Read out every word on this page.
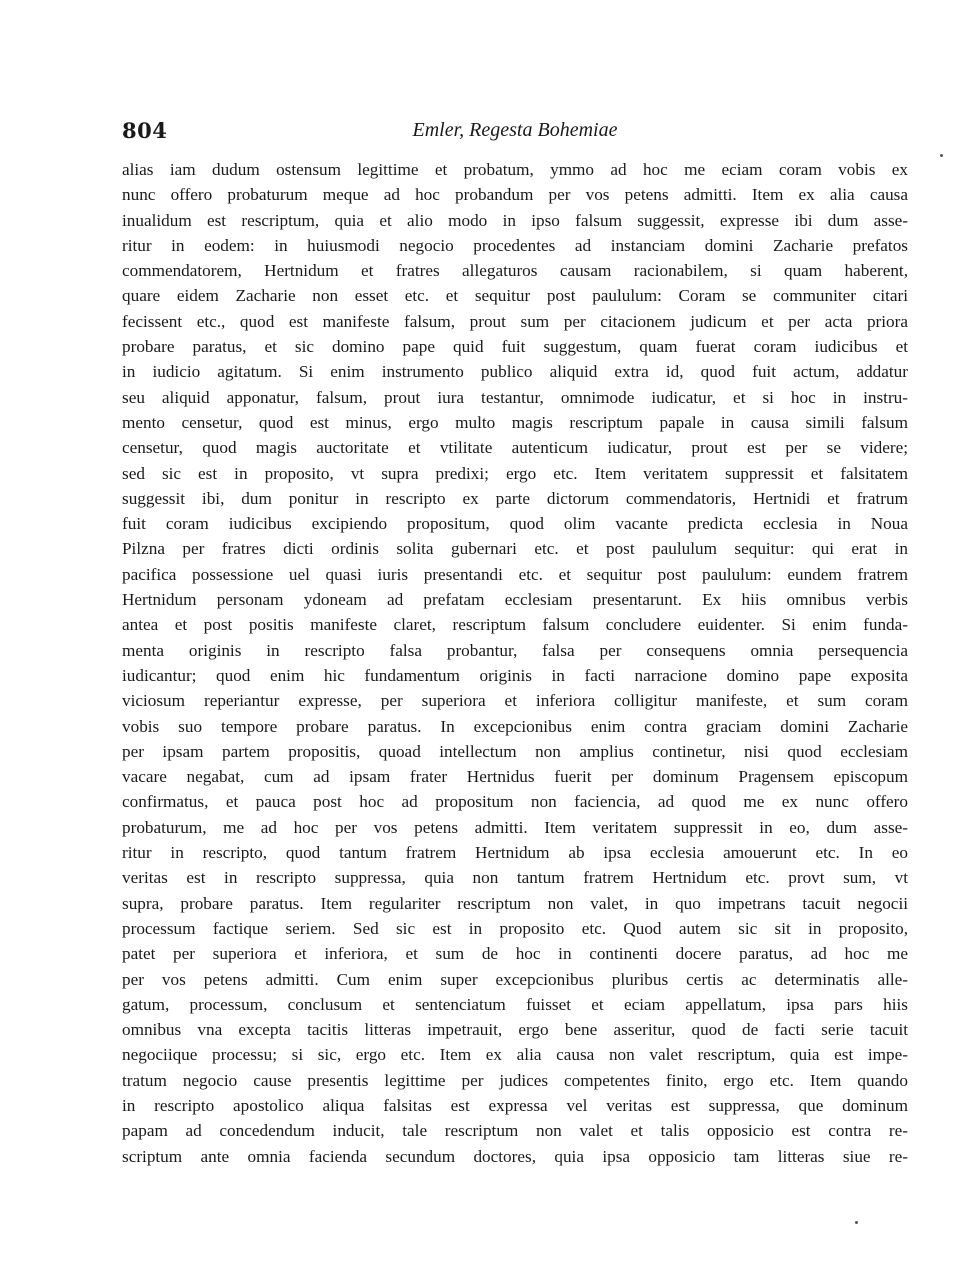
804	Emler, Regesta Bohemiae
alias iam dudum ostensum legittime et probatum, ymmo ad hoc me eciam coram vobis ex
nunc offero probaturum meque ad hoc probandum per vos petens admitti. Item ex alia causa
inualidum est rescriptum, quia et alio modo in ipso falsum suggessit, expresse ibi dum asse-
ritur in eodem: in huiusmodi negocio procedentes ad instanciam domini Zacharie prefatos
commendatorem, Hertnidum et fratres allegaturos causam racionabilem, si quam haberent,
quare eidem Zacharie non esset etc. et sequitur post paululum: Coram se communiter citari
fecissent etc., quod est manifeste falsum, prout sum per citacionem judicum et per acta priora
probare paratus, et sic domino pape quid fuit suggestum, quam fuerat coram iudicibus et
in iudicio agitatum. Si enim instrumento publico aliquid extra id, quod fuit actum, addatur
seu aliquid apponatur, falsum, prout iura testantur, omnimode iudicatur, et si hoc in instru-
mento censetur, quod est minus, ergo multo magis rescriptum papale in causa simili falsum
censetur, quod magis auctoritate et vtilitate autenticum iudicatur, prout est per se videre;
sed sic est in proposito, vt supra predixi; ergo etc. Item veritatem suppressit et falsitatem
suggessit ibi, dum ponitur in rescripto ex parte dictorum commendatoris, Hertnidi et fratrum
fuit coram iudicibus excipiendo propositum, quod olim vacante predicta ecclesia in Noua
Pilzna per fratres dicti ordinis solita gubernari etc. et post paululum sequitur: qui erat in
pacifica possessione uel quasi iuris presentandi etc. et sequitur post paululum: eundem fratrem
Hertnidum personam ydoneam ad prefatam ecclesiam presentarunt. Ex hiis omnibus verbis
antea et post positis manifeste claret, rescriptum falsum concludere euidenter. Si enim funda-
menta originis in rescripto falsa probantur, falsa per consequens omnia persequencia
iudicantur; quod enim hic fundamentum originis in facti narracione domino pape exposita
viciosum reperiantur expresse, per superiora et inferiora colligitur manifeste, et sum coram
vobis suo tempore probare paratus. In excepcionibus enim contra graciam domini Zacharie
per ipsam partem propositis, quoad intellectum non amplius continetur, nisi quod ecclesiam
vacare negabat, cum ad ipsam frater Hertnidus fuerit per dominum Pragensem episcopum
confirmatus, et pauca post hoc ad propositum non faciencia, ad quod me ex nunc offero
probaturum, me ad hoc per vos petens admitti. Item veritatem suppressit in eo, dum asse-
ritur in rescripto, quod tantum fratrem Hertnidum ab ipsa ecclesia amouerunt etc. In eo
veritas est in rescripto suppressa, quia non tantum fratrem Hertnidum etc. provt sum, vt
supra, probare paratus. Item regulariter rescriptum non valet, in quo impetrans tacuit negocii
processum factique seriem. Sed sic est in proposito etc. Quod autem sic sit in proposito,
patet per superiora et inferiora, et sum de hoc in continenti docere paratus, ad hoc me
per vos petens admitti. Cum enim super excepcionibus pluribus certis ac determinatis alle-
gatum, processum, conclusum et sentenciatum fuisset et eciam appellatum, ipsa pars hiis
omnibus vna excepta tacitis litteras impetrauit, ergo bene asseritur, quod de facti serie tacuit
negociique processu; si sic, ergo etc. Item ex alia causa non valet rescriptum, quia est impe-
tratum negocio cause presentis legittime per judices competentes finito, ergo etc. Item quando
in rescripto apostolico aliqua falsitas est expressa vel veritas est suppressa, que dominum
papam ad concedendum inducit, tale rescriptum non valet et talis opposicio est contra re-
scriptum ante omnia facienda secundum doctores, quia ipsa opposicio tam litteras siue re-
